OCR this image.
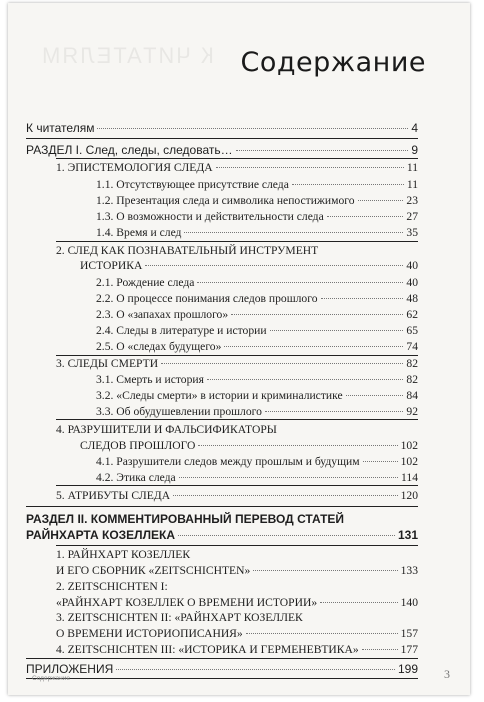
К ЧИТАТЕЛЯМ Содержание
К читателям	4
РАЗДЕЛ I. След, следы, следовать…	9
1. ЭПИСТЕМОЛОГИЯ СЛЕДА	11
1.1. Отсутствующее присутствие следа	11
1.2. Презентация следа и символика непостижимого	23
1.3. О возможности и действительности следа	27
1.4. Время и след	35
2. СЛЕД КАК ПОЗНАВАТЕЛЬНЫЙ ИНСТРУМЕНТ
ИСТОРИКА	40
2.1. Рождение следа	40
2.2. О процессе понимания следов прошлого	48
2.3. О «запахах прошлого»	62
2.4. Следы в литературе и истории	65
2.5. О «следах будущего»	74
3. СЛЕДЫ СМЕРТИ	82
3.1. Смерть и история	82
3.2. «Следы смерти» в истории и криминалистике	84
3.3. Об обудушевлении прошлого	92
4. РАЗРУШИТЕЛИ И ФАЛЬСИФИКАТОРЫ
СЛЕДОВ ПРОШЛОГО	102
4.1. Разрушители следов между прошлым и будущим	102
4.2. Этика следа	114
5. АТРИБУТЫ СЛЕДА	120
РАЗДЕЛ II. КОММЕНТИРОВАННЫЙ ПЕРЕВОД СТАТЕЙ
РАЙНХАРТА КОЗЕЛЛЕКА	131
1. РАЙНХАРТ КОЗЕЛЛЕК
И ЕГО СБОРНИК «ZEITSCHICHTEN»	133
2. ZEITSCHICHTEN I:
«РАЙНХАРТ КОЗЕЛЛЕК О ВРЕМЕНИ ИСТОРИИ»	140
3. ZEITSCHICHTEN II: «РАЙНХАРТ КОЗЕЛЛЕК
О ВРЕМЕНИ ИСТОРИОПИСАНИЯ»	157
4. ZEITSCHICHTEN III: «ИСТОРИКА И ГЕРМЕНЕВТИКА»	177
ПРИЛОЖЕНИЯ	199
Содержание	3
